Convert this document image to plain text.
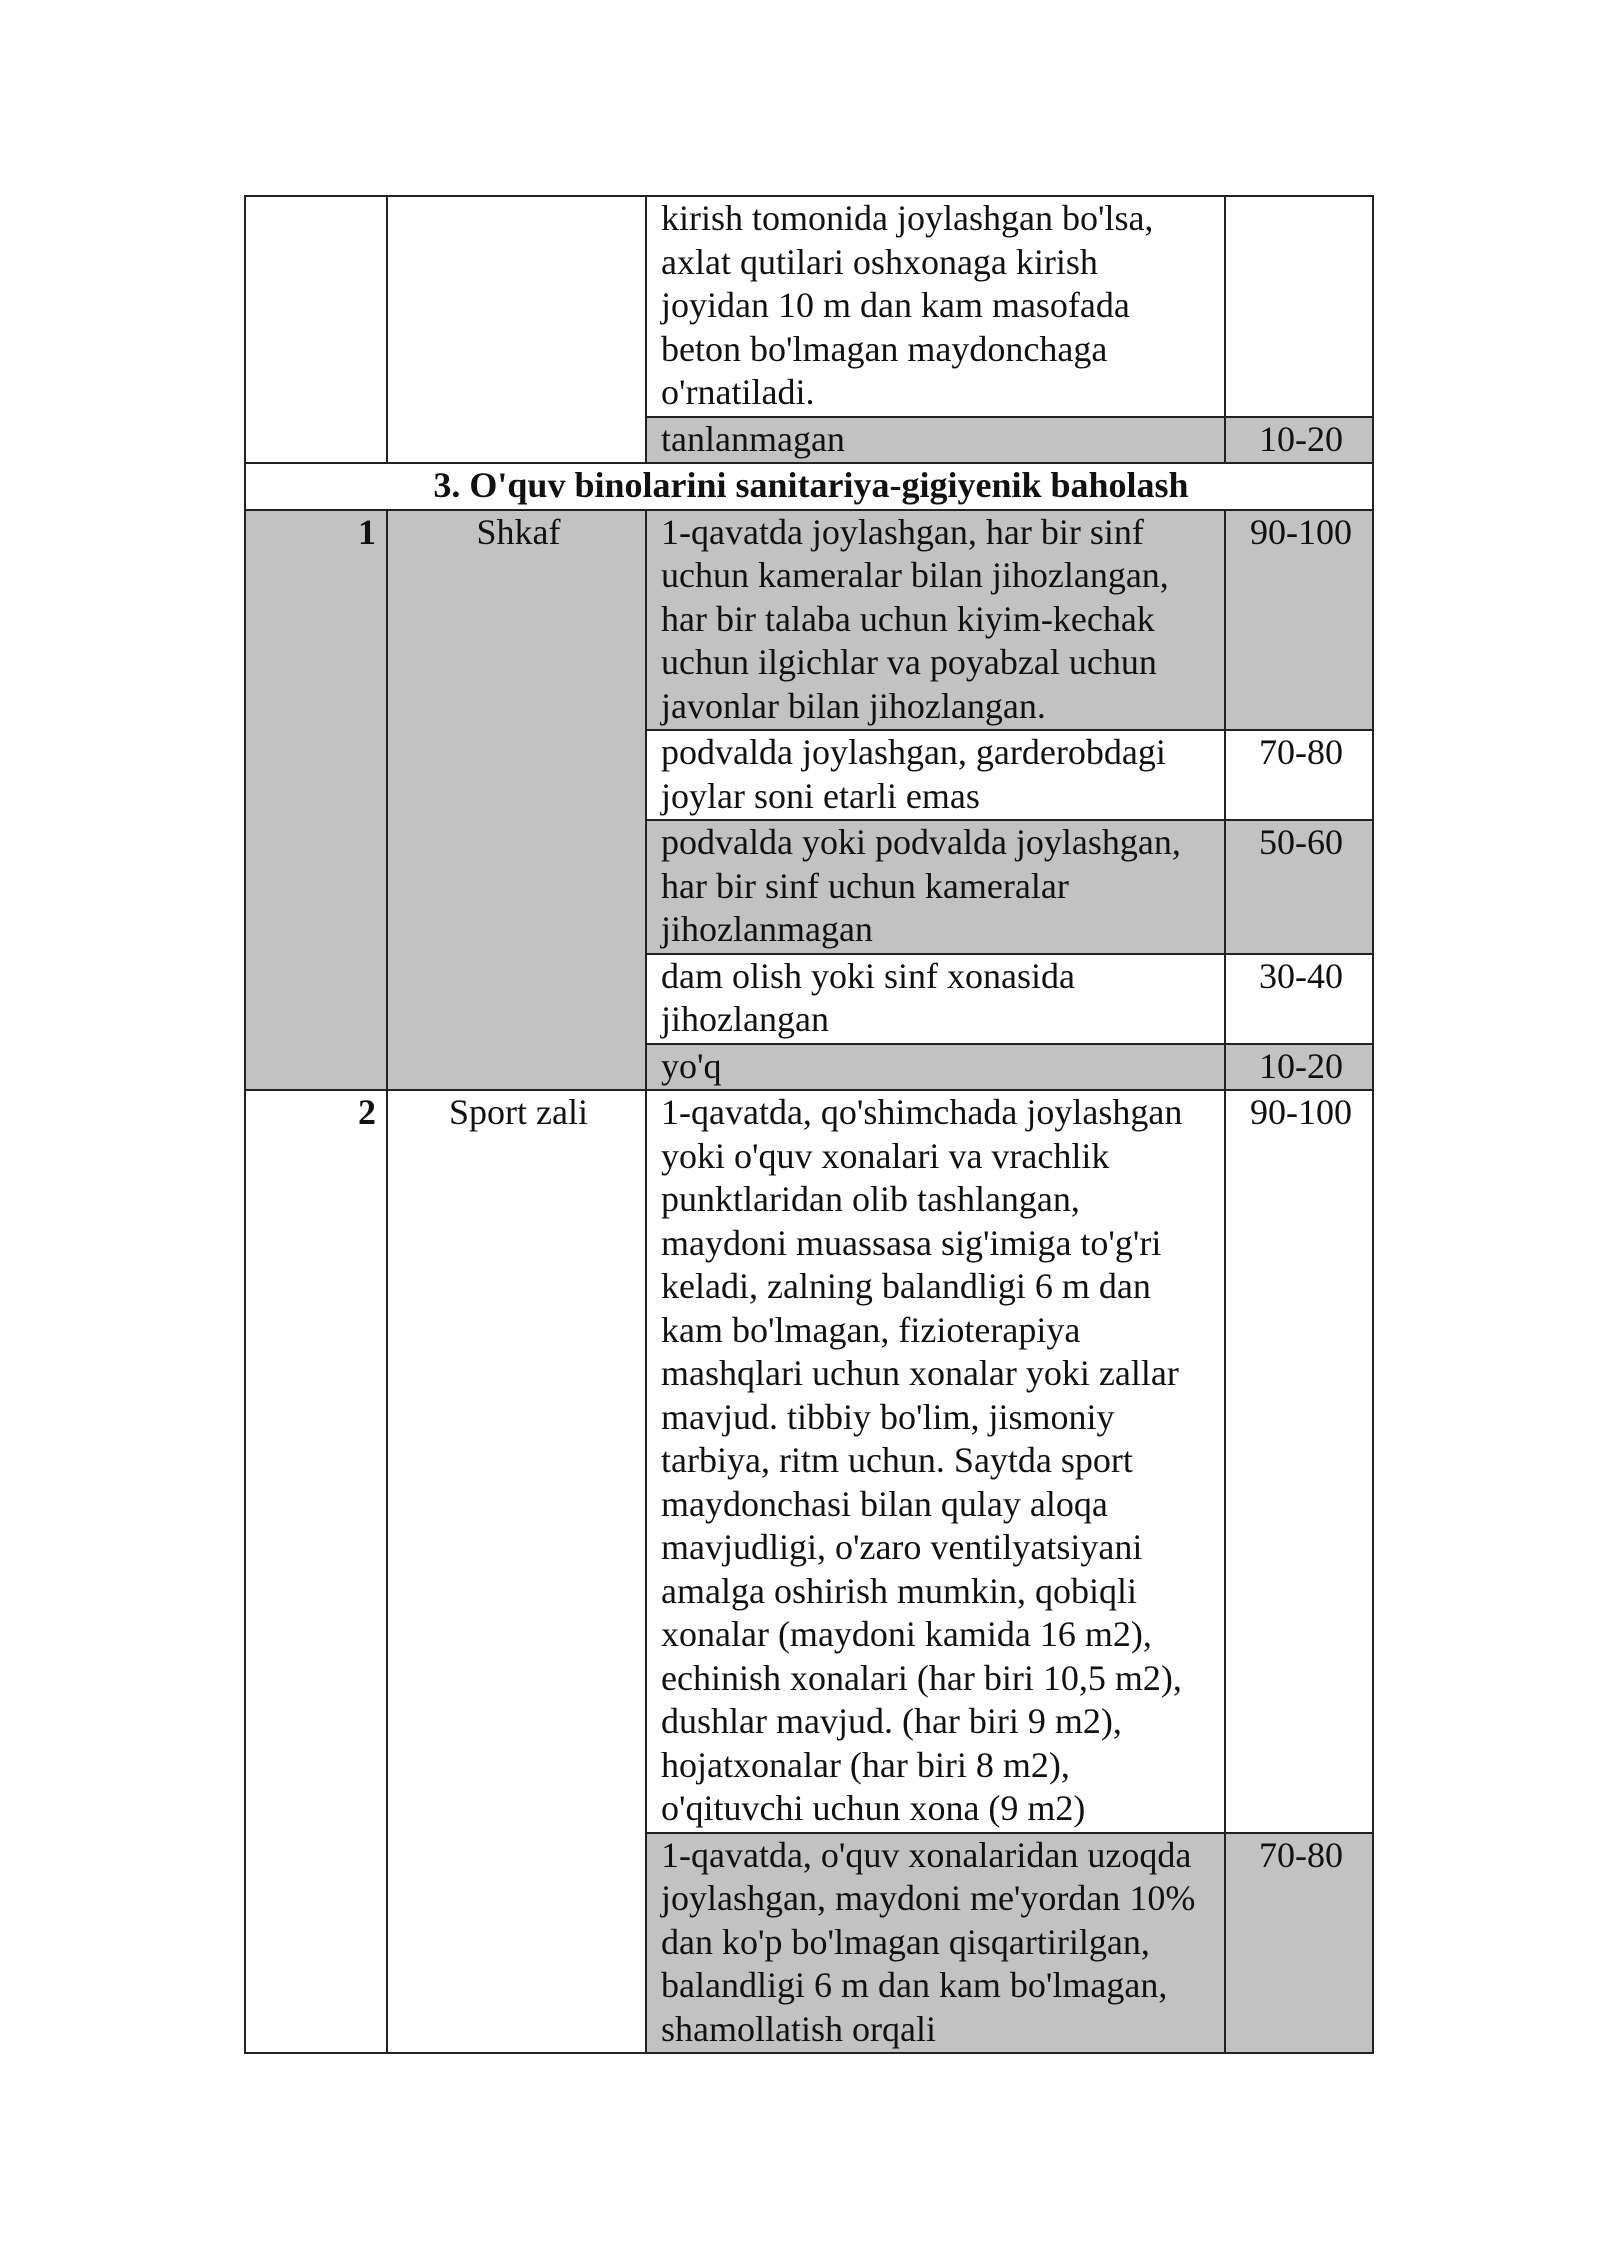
		kirish tomonida joylashgan bo'lsa, axlat qutilari oshxonaga kirish joyidan 10 m dan kam masofada beton bo'lmagan maydonchaga o'rnatiladi.	
		tanlanmagan	10-20
3. O'quv binolarini sanitariya-gigiyenik baholash			
1	Shkaf	1-qavatda joylashgan, har bir sinf uchun kameralar bilan jihozlangan, har bir talaba uchun kiyim-kechak uchun ilgichlar va poyabzal uchun javonlar bilan jihozlangan.	90-100
		podvalda joylashgan, garderobdagi joylar soni etarli emas	70-80
		podvalda yoki podvalda joylashgan, har bir sinf uchun kameralar jihozlanmagan	50-60
		dam olish yoki sinf xonasida jihozlangan	30-40
		yo'q	10-20
2	Sport zali	1-qavatda, qo'shimchada joylashgan yoki o'quv xonalari va vrachlik punktlaridan olib tashlangan, maydoni muassasa sig'imiga to'g'ri keladi, zalning balandligi 6 m dan kam bo'lmagan, fizioterapiya mashqlari uchun xonalar yoki zallar mavjud. tibbiy bo'lim, jismoniy tarbiya, ritm uchun. Saytda sport maydonchasi bilan qulay aloqa mavjudligi, o'zaro ventilyatsiyani amalga oshirish mumkin, qobiqli xonalar (maydoni kamida 16 m2), echinish xonalari (har biri 10,5 m2), dushlar mavjud. (har biri 9 m2), hojatxonalar (har biri 8 m2), o'qituvchi uchun xona (9 m2)	90-100
		1-qavatda, o'quv xonalaridan uzoqda joylashgan, maydoni me'yordan 10% dan ko'p bo'lmagan qisqartirilgan, balandligi 6 m dan kam bo'lmagan, shamollatish orqali	70-80
